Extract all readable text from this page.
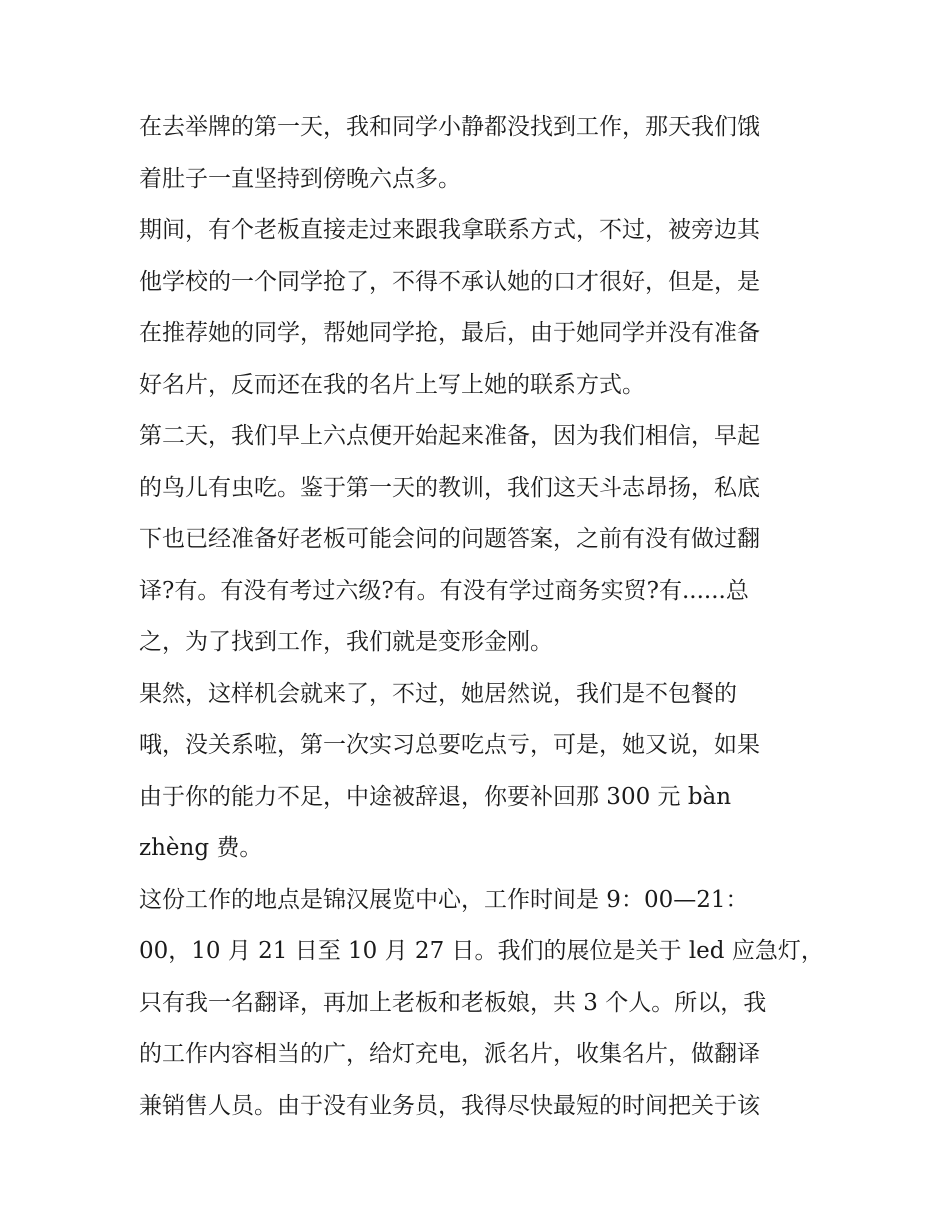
在去举牌的第一天，我和同学小静都没找到工作，那天我们饿
着肚子一直坚持到傍晚六点多。
期间，有个老板直接走过来跟我拿联系方式，不过，被旁边其
他学校的一个同学抢了，不得不承认她的口才很好，但是，是
在推荐她的同学，帮她同学抢，最后，由于她同学并没有准备
好名片，反而还在我的名片上写上她的联系方式。
第二天，我们早上六点便开始起来准备，因为我们相信，早起
的鸟儿有虫吃。鉴于第一天的教训，我们这天斗志昂扬，私底
下也已经准备好老板可能会问的问题答案，之前有没有做过翻
译?有。有没有考过六级?有。有没有学过商务实贸?有......总
之，为了找到工作，我们就是变形金刚。
果然，这样机会就来了，不过，她居然说，我们是不包餐的
哦，没关系啦，第一次实习总要吃点亏，可是，她又说，如果
由于你的能力不足，中途被辞退，你要补回那 300 元 bàn
zhèng 费。
这份工作的地点是锦汉展览中心，工作时间是 9：00—21：
00，10 月 21 日至 10 月 27 日。我们的展位是关于 led 应急灯，
只有我一名翻译，再加上老板和老板娘，共 3 个人。所以，我
的工作内容相当的广，给灯充电，派名片，收集名片，做翻译
兼销售人员。由于没有业务员，我得尽快最短的时间把关于该
